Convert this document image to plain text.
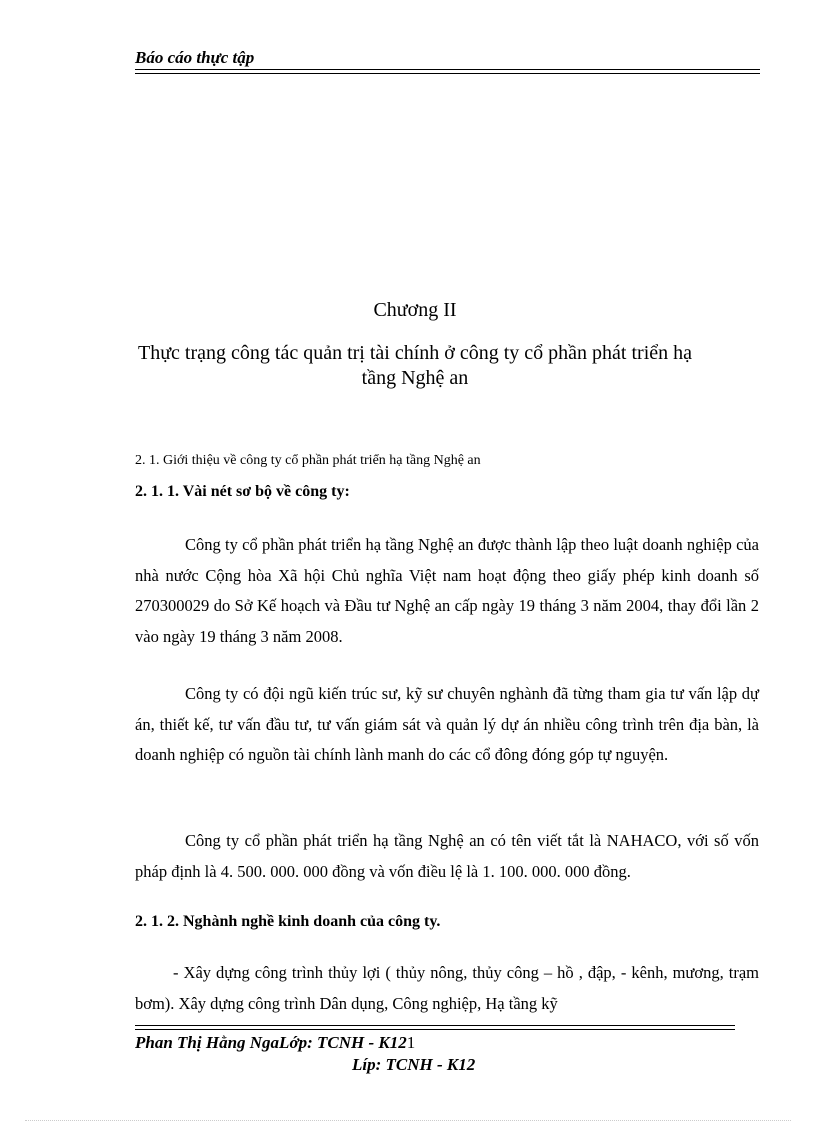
Báo cáo thực tập
Chương II
Thực trạng công tác quản trị tài chính ở công ty cổ phần phát triển hạ tầng Nghệ an
2. 1. Giới thiệu về công ty cổ phần phát triển hạ tầng Nghệ an
2. 1. 1. Vài nét sơ bộ về công ty:

Công ty cổ phần phát triển hạ tầng Nghệ an được thành lập theo luật doanh nghiệp của nhà nước Cộng hòa Xã hội Chủ nghĩa Việt nam hoạt động theo giấy phép kinh doanh số 270300029 do Sở Kế hoạch và Đầu tư Nghệ an cấp ngày 19 tháng 3 năm 2004, thay đổi lần 2 vào ngày 19 tháng 3 năm 2008.

Công ty có đội ngũ kiến trúc sư, kỹ sư chuyên nghành đã từng tham gia tư vấn lập dự án, thiết kế, tư vấn đầu tư, tư vấn giám sát và quản lý dự án nhiều công trình trên địa bàn, là doanh nghiệp có nguồn tài chính lành manh do các cổ đông đóng góp tự nguyện.

Công ty cổ phần phát triển hạ tầng Nghệ an có tên viết tắt là NAHACO, với số vốn pháp định là 4. 500. 000. 000 đồng và vốn điều lệ là 1. 100. 000. 000 đồng.

2. 1. 2. Nghành nghề kinh doanh của công ty.

- Xây dựng công trình thủy lợi ( thủy nông, thủy công – hồ , đập, - kênh, mương, trạm bơm). Xây dựng công trình Dân dụng, Công nghiệp, Hạ tầng kỹ

Phan Thị Hằng NgaLớp: TCNH - K121
Líp: TCNH - K12
